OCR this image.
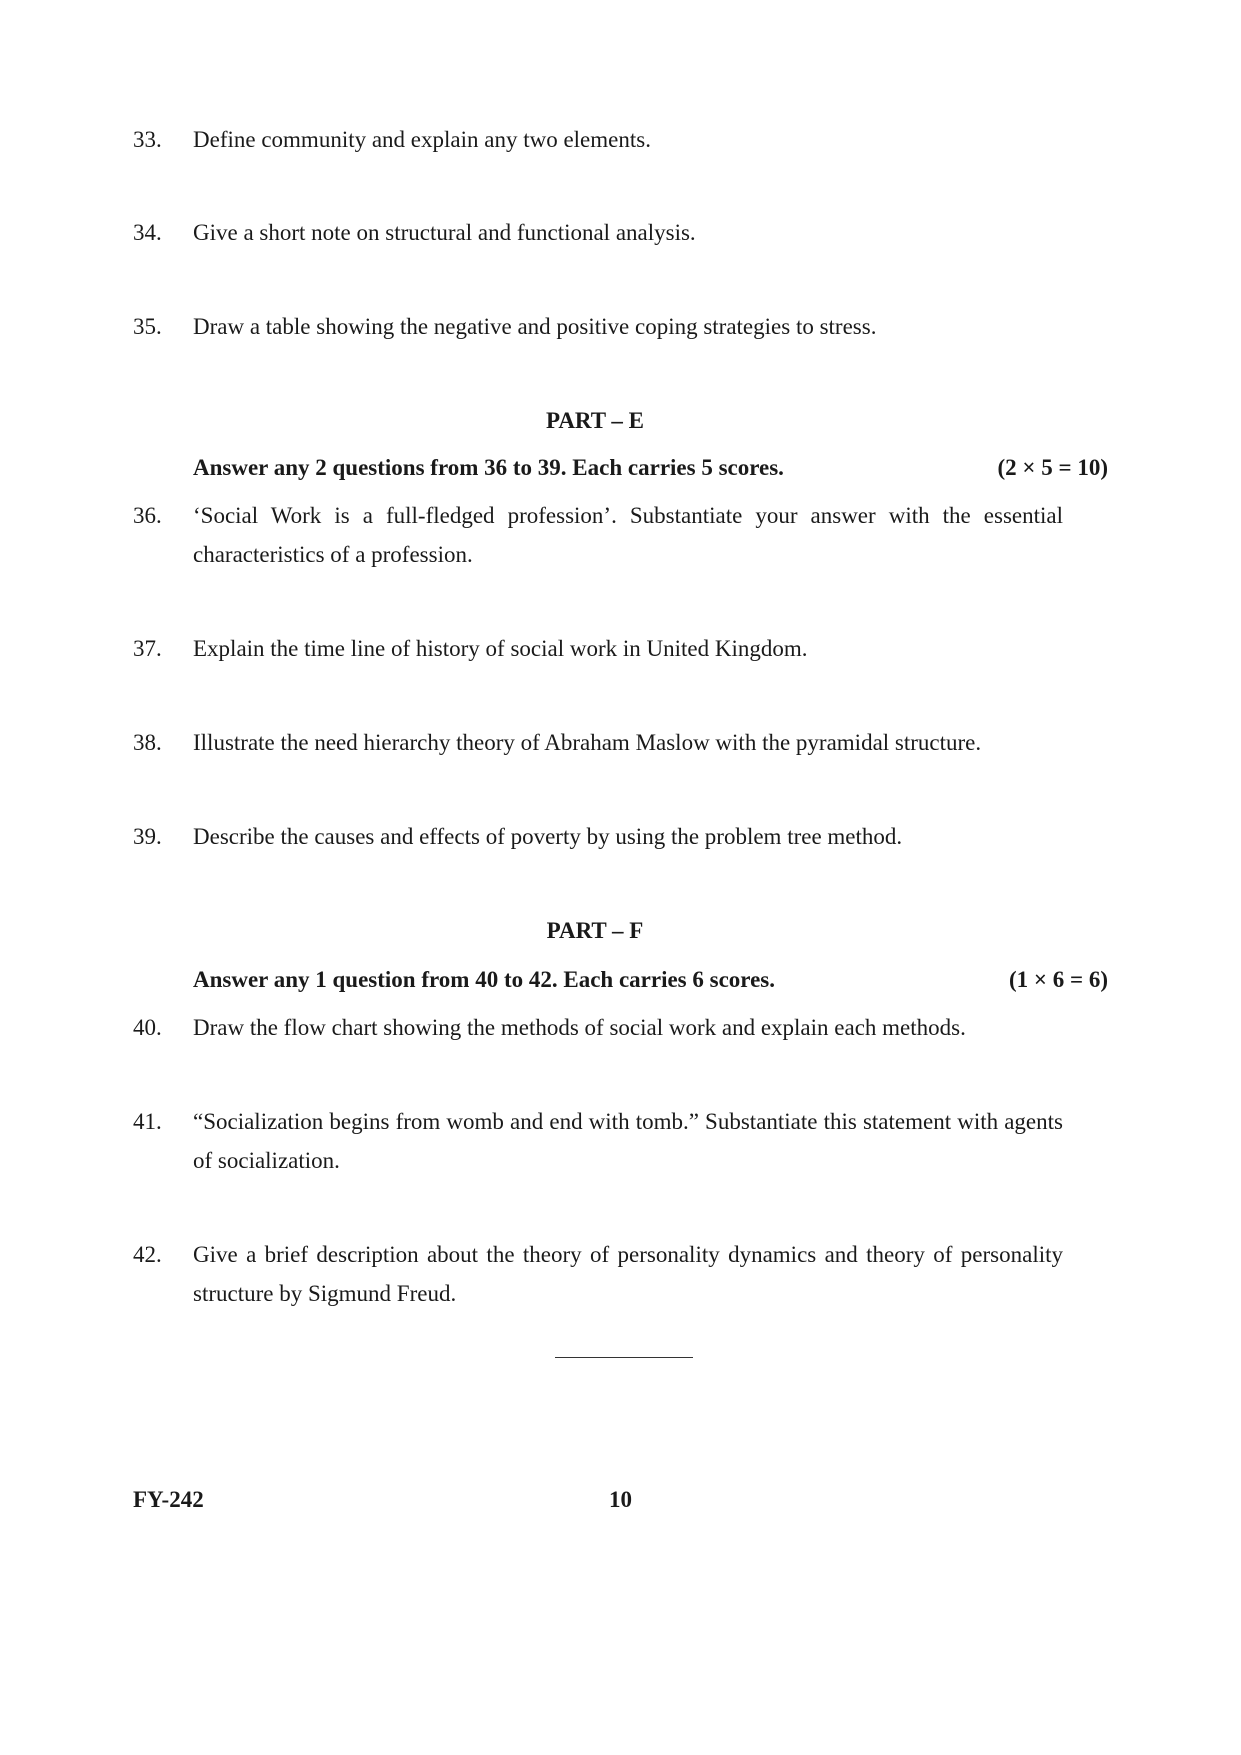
33.	Define community and explain any two elements.
34.	Give a short note on structural and functional analysis.
35.	Draw a table showing the negative and positive coping strategies to stress.
PART – E
Answer any 2 questions from 36 to 39. Each carries 5 scores.	(2 × 5 = 10)
36.	‘Social Work is a full-fledged profession’. Substantiate your answer with the essential characteristics of a profession.
37.	Explain the time line of history of social work in United Kingdom.
38.	Illustrate the need hierarchy theory of Abraham Maslow with the pyramidal structure.
39.	Describe the causes and effects of poverty by using the problem tree method.
PART – F
Answer any 1 question from 40 to 42. Each carries 6 scores.	(1 × 6 = 6)
40.	Draw the flow chart showing the methods of social work and explain each methods.
41.	“Socialization begins from womb and end with tomb.” Substantiate this statement with agents of socialization.
42.	Give a brief description about the theory of personality dynamics and theory of personality structure by Sigmund Freud.
10
FY-242
